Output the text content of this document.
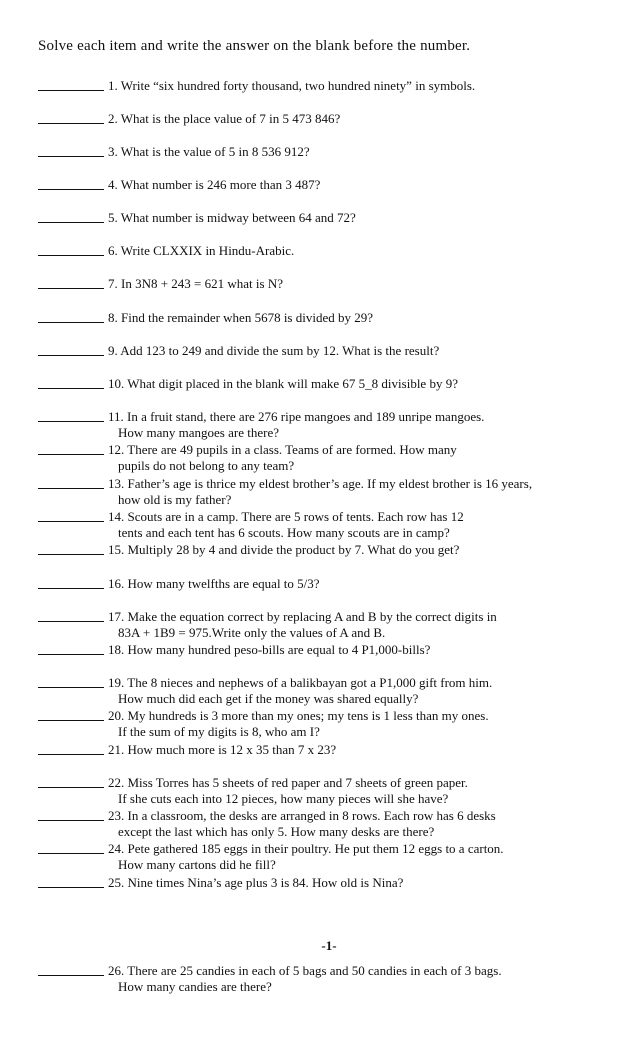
Solve each item and write the answer on the blank before the number.
1. Write “six hundred forty thousand, two hundred ninety” in symbols.
2. What is the place value of 7 in 5 473 846?
3. What is the value of 5 in 8 536 912?
4. What number is 246 more than 3 487?
5. What number is midway between 64 and 72?
6. Write CLXXIX in Hindu-Arabic.
7. In 3N8 + 243 = 621 what is N?
8. Find the remainder when 5678 is divided by 29?
9. Add 123 to 249 and divide the sum by 12. What is the result?
10. What digit placed in the blank will make 67 5_8 divisible by 9?
11. In a fruit stand, there are 276 ripe mangoes and 189 unripe mangoes.
How many mangoes are there?
12. There are 49 pupils in a class. Teams of are formed. How many
pupils do not belong to any team?
13. Father’s age is thrice my eldest brother’s age. If my eldest brother is 16 years,
how old is my father?
14. Scouts are in a camp. There are 5 rows of tents. Each row has 12
tents and each tent has 6 scouts. How many scouts are in camp?
15. Multiply 28 by 4 and divide the product by 7. What do you get?
16. How many twelfths are equal to 5/3?
17. Make the equation correct by replacing A and B by the correct digits in
83A + 1B9 = 975.Write only the values of A and B.
18. How many hundred peso-bills are equal to 4 P1,000-bills?
19. The 8 nieces and nephews of a balikbayan got a P1,000 gift from him.
How much did each get if the money was shared equally?
20. My hundreds is 3 more than my ones; my tens is 1 less than my ones.
If the sum of my digits is 8, who am I?
21. How much more is 12 x 35 than 7 x 23?
22. Miss Torres has 5 sheets of red paper and 7 sheets of green paper.
If she cuts each into 12 pieces, how many pieces will she have?
23. In a classroom, the desks are arranged in 8 rows. Each row has 6 desks
except the last which has only 5. How many desks are there?
24. Pete gathered 185 eggs in their poultry. He put them 12 eggs to a carton.
How many cartons did he fill?
25. Nine times Nina’s age plus 3 is 84. How old is Nina?
26. There are 25 candies in each of 5 bags and 50 candies in each of 3 bags.
How many candies are there?
-1-
